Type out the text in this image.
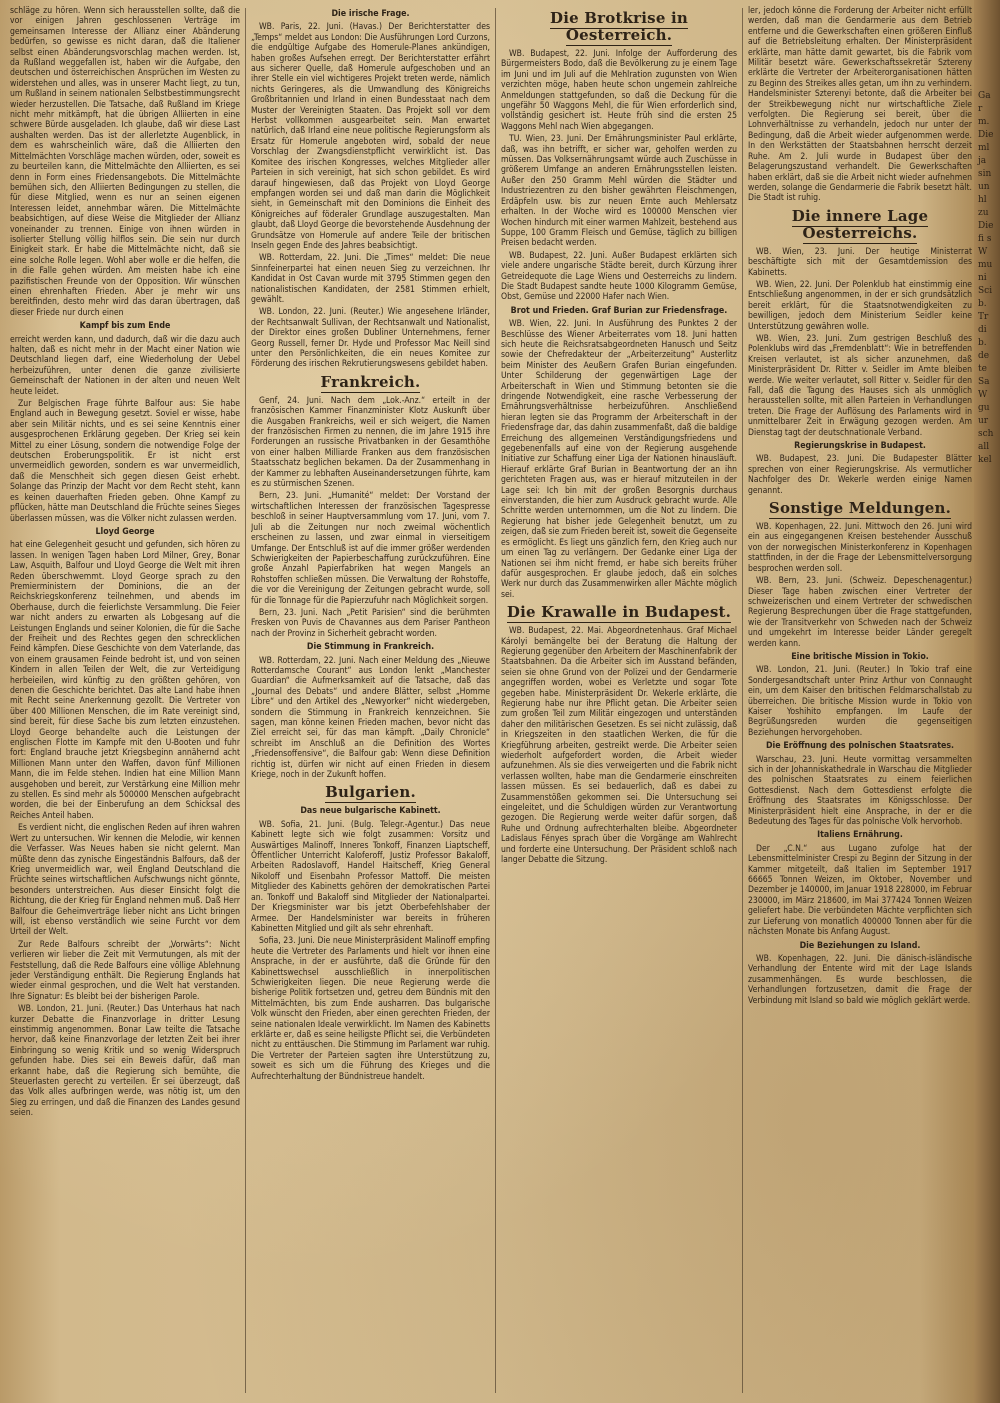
schläge zu hören. Wenn sich herausstellen sollte, daß die vor einigen Jahren geschlossenen Verträge im gemeinsamen Interesse der Allianz einer Abänderung bedürfen, so gewisse es nicht daran, daß die Italiener selbst einen Abänderungsvorschlag machen werden. Ist, da Rußland weggefallen ist, haben wir die Aufgabe, den deutschen und österreichischen Ansprüchen im Westen zu widerstehen und alles, was in unserer Macht liegt, zu tun, um Rußland in seinem nationalen Selbstbestimmungsrecht wieder herzustellen. Die Tatsache, daß Rußland im Kriege nicht mehr mitkämpft, hat die übrigen Alliierten in eine schwere Bürde ausgeladen. Ich glaube, daß wir diese Last aushalten werden. Das ist der allerletzte Augenblick, in dem es wahrscheinlich wäre, daß die Alliierten den Mittelmächten Vorschläge machen würden, oder, soweit es zu beurteilen kann, die Mittelmächte den Alliierten, es sei denn in Form eines Friedensangebots. Die Mittelmächte bemühen sich, den Alliierten Bedingungen zu stellen, die für diese Mitglied, wenn es nur an seinen eigenen Interessen leidet, annehmbar wären. Die Mittelmächte beabsichtigen, auf diese Weise die Mitglieder der Allianz voneinander zu trennen. Einige von ihnen würden in isolierter Stellung völlig hilflos sein. Die sein nur durch Einigkeit stark. Er habe die Mittelmächte nicht, daß sie eine solche Rolle legen. Wohl aber wolle er die helfen, die in die Falle gehen würden. Am meisten habe ich eine pazifistischen Freunde von der Opposition. Wir wünschen einen ehrenhaften Frieden. Aber je mehr wir uns bereitfinden, desto mehr wird das daran übertragen, daß dieser Friede nur durch einen

Kampf bis zum Ende

erreicht werden kann, und dadurch, daß wir die dazu auch halten, daß es nicht mehr in der Macht einer Nation wie Deutschland liegen darf, eine Wiederholung der Uebel herbeizuführen, unter denen die ganze zivilisierte Gemeinschaft der Nationen in der alten und neuen Welt heute leidet.

Zur Belgischen Frage führte Balfour aus: Sie habe England auch in Bewegung gesetzt. Soviel er wisse, habe aber sein Militär nichts, und es sei seine Kenntnis einer ausgesprochenen Erklärung gegeben. Der Krieg sei kein Mittel zu einer Lösung, sondern die notwendige Folge der deutschen Eroberungspolitik. Er ist nicht erst unvermeidlich geworden, sondern es war unvermeidlich, daß die Menschheit sich gegen diesen Geist erhebt. Solange das Prinzip der Macht vor dem Recht steht, kann es keinen dauerhaften Frieden geben. Ohne Kampf zu pflücken, hätte man Deutschland die Früchte seines Sieges überlassen müssen, was die Völker nicht zulassen werden.

Lloyd George

hat eine Gelegenheit gesucht und gefunden, sich hören zu lassen. In wenigen Tagen haben Lord Milner, Grey, Bonar Law, Asquith, Balfour und Lloyd George die Welt mit ihren Reden überschwemmt. Lloyd George sprach zu den Premierministern der Dominions, die an der Reichskriegskonferenz teilnehmen, und abends im Oberhause, durch die feierlichste Versammlung. Die Feier war nicht anders zu erwarten als Lobgesang auf die Leistungen Englands und seiner Kolonien, die für die Sache der Freiheit und des Rechtes gegen den schrecklichen Feind kämpfen. Diese Geschichte von dem Vaterlande, das von einem grausamen Feinde bedroht ist, und von seinen Kindern in allen Teilen der Welt, die zur Verteidigung herbeieilen, wird künftig zu den größten gehören, von denen die Geschichte berichtet. Das alte Land habe ihnen mit Recht seine Anerkennung gezollt. Die Vertreter von über 400 Millionen Menschen, die im Rate vereinigt sind, sind bereit, für diese Sache bis zum letzten einzustehen. Lloyd George behandelte auch die Leistungen der englischen Flotte im Kampfe mit den U-Booten und fuhr fort: England brauche jetzt Kriegsbeginn annähernd acht Millionen Mann unter den Waffen, davon fünf Millionen Mann, die im Felde stehen. Indien hat eine Million Mann ausgehoben und bereit, zur Verstärkung eine Million mehr zu stellen. Es sind mehr als 500000 Menschen aufgebracht worden, die bei der Einberufung an dem Schicksal des Reiches Anteil haben.

Es verdient nicht, die englischen Reden auf ihren wahren Wert zu untersuchen. Wir kennen die Melodie, wir kennen die Verfasser. Was Neues haben sie nicht gelernt. Man müßte denn das zynische Eingeständnis Balfours, daß der Krieg unvermeidlich war, weil England Deutschland die Früchte seines wirtschaftlichen Aufschwungs nicht gönnte, besonders unterstreichen. Aus dieser Einsicht folgt die Richtung, die der Krieg für England nehmen muß. Daß Herr Balfour die Geheimverträge lieber nicht ans Licht bringen will, ist ebenso verständlich wie seine Furcht vor dem Urteil der Welt.

Zur Rede Balfours schreibt der „Vorwärts“: Nicht verlieren wir lieber die Zeit mit Vermutungen, als mit der Feststellung, daß die Rede Balfours eine völlige Ablehnung jeder Verständigung enthält. Die Regierung Englands hat wieder einmal gesprochen, und die Welt hat verstanden. Ihre Signatur: Es bleibt bei der bisherigen Parole.

WB. London, 21. Juni. (Reuter.) Das Unterhaus hat nach kurzer Debatte die Finanzvorlage in dritter Lesung einstimmig angenommen. Bonar Law teilte die Tatsache hervor, daß keine Finanzvorlage der letzten Zeit bei ihrer Einbringung so wenig Kritik und so wenig Widerspruch gefunden habe. Dies sei ein Beweis dafür, daß man erkannt habe, daß die Regierung sich bemühte, die Steuerlasten gerecht zu verteilen. Er sei überzeugt, daß das Volk alles aufbringen werde, was nötig ist, um den Sieg zu erringen, und daß die Finanzen des Landes gesund seien.

Die irische Frage.

WB. Paris, 22. Juni. (Havas.) Der Berichterstatter des „Temps“ meldet aus London: Die Ausführungen Lord Curzons, die endgültige Aufgabe des Homerule-Planes ankündigen, haben großes Aufsehen erregt. Der Berichterstatter erfährt aus sicherer Quelle, daß Homerule aufgeschoben und an ihrer Stelle ein viel wichtigeres Projekt treten werde, nämlich nichts Geringeres, als die Umwandlung des Königreichs Großbritannien und Irland in einen Bundesstaat nach dem Muster der Vereinigten Staaten. Das Projekt soll vor dem Herbst vollkommen ausgearbeitet sein. Man erwartet natürlich, daß Irland eine neue politische Regierungsform als Ersatz für Homerule angeboten wird, sobald der neue Vorschlag der Zwangsdienstpflicht verwirklicht ist. Das Komitee des irischen Kongresses, welches Mitglieder aller Parteien in sich vereinigt, hat sich schon gebildet. Es wird darauf hingewiesen, daß das Projekt von Lloyd George empfangen worden sei und daß man darin die Möglichkeit sieht, in Gemeinschaft mit den Dominions die Einheit des Königreiches auf föderaler Grundlage auszugestalten. Man glaubt, daß Lloyd George die bevorstehende Ausdehnung der Grundsätze von Homerule auf andere Teile der britischen Inseln gegen Ende des Jahres beabsichtigt.

WB. Rotterdam, 22. Juni. Die „Times“ meldet: Die neue Sinnfeinerpartei hat einen neuen Sieg zu verzeichnen. Ihr Kandidat in Ost Cavan wurde mit 3795 Stimmen gegen den nationalistischen Kandidaten, der 2581 Stimmen erhielt, gewählt.

WB. London, 22. Juni. (Reuter.) Wie angesehene Irländer, der Rechtsanwalt Sullivan, der Rechtsanwalt und Nationalist, der Direktor eines großen Dubliner Unternehmens, ferner Georg Russell, ferner Dr. Hyde und Professor Mac Neill sind unter den Persönlichkeiten, die ein neues Komitee zur Förderung des irischen Rekrutierungswesens gebildet haben.

Frankreich.

Genf, 24. Juni. Nach dem „Lok.-Anz.“ erteilt in der französischen Kammer Finanzminister Klotz Auskunft über die Ausgaben Frankreichs, weil er sich weigert, die Namen der französischen Firmen zu nennen, die im Jahre 1915 ihre Forderungen an russische Privatbanken in der Gesamthöhe von einer halben Milliarde Franken aus dem französischen Staatsschatz beglichen bekamen. Da der Zusammenhang in der Kammer zu lebhaften Auseinandersetzungen führte, kam es zu stürmischen Szenen.

Bern, 23. Juni. „Humanité“ meldet: Der Vorstand der wirtschaftlichen Interessen der französischen Tagespresse beschloß in seiner Hauptversammlung vom 17. Juni, vom 7. Juli ab die Zeitungen nur noch zweimal wöchentlich erscheinen zu lassen, und zwar einmal in vierseitigem Umfange. Der Entschluß ist auf die immer größer werdenden Schwierigkeiten der Papierbeschaffung zurückzuführen. Eine große Anzahl Papierfabriken hat wegen Mangels an Rohstoffen schließen müssen. Die Verwaltung der Rohstoffe, die vor die Vereinigung der Zeitungen gebracht wurde, soll für die Tonnage für die Papierzufuhr nach Möglichkeit sorgen.

Bern, 23. Juni. Nach „Petit Parisien“ sind die berühmten Fresken von Puvis de Chavannes aus dem Pariser Pantheon nach der Provinz in Sicherheit gebracht worden.

Die Stimmung in Frankreich.

WB. Rotterdam, 22. Juni. Nach einer Meldung des „Nieuwe Rotterdamsche Courant“ aus London lenkt „Manchester Guardian“ die Aufmerksamkeit auf die Tatsache, daß das „Journal des Debats“ und andere Blätter, selbst „Homme Libre“ und den Artikel des „Newyorker“ nicht wiedergeben, sondern die Stimmung in Frankreich kennzeichnen. Sie sagen, man könne keinen Frieden machen, bevor nicht das Ziel erreicht sei, für das man kämpft. „Daily Chronicle“ schreibt im Anschluß an die Definition des Wortes „Friedensoffensive“, die Balfour gab: Wenn diese Definition richtig ist, dürfen wir nicht auf einen Frieden in diesem Kriege, noch in der Zukunft hoffen.

Bulgarien.
Das neue bulgarische Kabinett.

WB. Sofia, 21. Juni. (Bulg. Telegr.-Agentur.) Das neue Kabinett legte sich wie folgt zusammen: Vorsitz und Auswärtiges Malinoff, Inneres Tonkoff, Finanzen Liaptscheff, Öffentlicher Unterricht Kaloferoff, Justiz Professor Bakaloff, Arbeiten Radoslavoff, Handel Haitscheff, Krieg General Nikoloff und Eisenbahn Professor Mattoff. Die meisten Mitglieder des Kabinetts gehören der demokratischen Partei an. Tonkoff und Bakaloff sind Mitglieder der Nationalpartei. Der Kriegsminister war bis jetzt Oberbefehlshaber der Armee. Der Handelsminister war bereits in früheren Kabinetten Mitglied und gilt als sehr ehrenhaft.

Sofia, 23. Juni. Die neue Ministerpräsident Malinoff empfing heute die Vertreter des Parlaments und hielt vor ihnen eine Ansprache, in der er ausführte, daß die Gründe für den Kabinettswechsel ausschließlich in innerpolitischen Schwierigkeiten liegen. Die neue Regierung werde die bisherige Politik fortsetzen und, getreu dem Bündnis mit den Mittelmächten, bis zum Ende ausharren. Das bulgarische Volk wünscht den Frieden, aber einen gerechten Frieden, der seine nationalen Ideale verwirklicht. Im Namen des Kabinetts erklärte er, daß es seine heiligste Pflicht sei, die Verbündeten nicht zu enttäuschen. Die Stimmung im Parlament war ruhig. Die Vertreter der Parteien sagten ihre Unterstützung zu, soweit es sich um die Führung des Krieges und die Aufrechterhaltung der Bündnistreue handelt.

Die Brotkrise in Oesterreich.

WB. Budapest, 22. Juni. Infolge der Aufforderung des Bürgermeisters Bodo, daß die Bevölkerung zu je einem Tage im Juni und im Juli auf die Mehlration zugunsten von Wien verzichten möge, haben heute schon ungemein zahlreiche Anmeldungen stattgefunden, so daß die Deckung für die ungefähr 50 Waggons Mehl, die für Wien erforderlich sind, vollständig gesichert ist. Heute früh sind die ersten 25 Waggons Mehl nach Wien abgegangen.

TU. Wien, 23. Juni. Der Ernährungsminister Paul erklärte, daß, was ihn betrifft, er sicher war, geholfen werden zu müssen. Das Volksernährungsamt würde auch Zuschüsse in größerem Umfange an anderen Ernährungsstellen leisten. Außer den 250 Gramm Mehl würden die Städter und Industriezentren zu den bisher gewährten Fleischmengen, Erdäpfeln usw. bis zur neuen Ernte auch Mehlersatz erhalten. In der Woche wird es 100000 Menschen vier Wochen hindurch mit einer warmen Mahlzeit, bestehend aus Suppe, 100 Gramm Fleisch und Gemüse, täglich zu billigen Preisen bedacht werden.

WB. Budapest, 22. Juni. Außer Budapest erklärten sich viele andere ungarische Städte bereit, durch Kürzung ihrer Getreidequote die Lage Wiens und Oesterreichs zu lindern. Die Stadt Budapest sandte heute 1000 Kilogramm Gemüse, Obst, Gemüse und 22000 Hafer nach Wien.

Brot und Frieden. Graf Burian zur Friedensfrage.

WB. Wien, 22. Juni. In Ausführung des Punktes 2 der Beschlüsse des Wiener Arbeiterrates vom 18. Juni hatten sich heute die Reichsratsabgeordneten Hanusch und Seitz sowie der Chefredakteur der „Arbeiterzeitung“ Austerlitz beim Minister des Aeußern Grafen Burian eingefunden. Unter Schilderung der gegenwärtigen Lage der Arbeiterschaft in Wien und Stimmung betonten sie die dringende Notwendigkeit, eine rasche Verbesserung der Ernährungsverhältnisse herbeizuführen. Anschließend hieran legten sie das Programm der Arbeiterschaft in der Friedensfrage dar, das dahin zusammenfaßt, daß die baldige Erreichung des allgemeinen Verständigungsfriedens und gegebenenfalls auf eine von der Regierung ausgehende Initiative zur Schaffung einer Liga der Nationen hinausläuft. Hierauf erklärte Graf Burian in Beantwortung der an ihn gerichteten Fragen aus, was er hierauf mitzuteilen in der Lage sei: Ich bin mit der großen Besorgnis durchaus einverstanden, die hier zum Ausdruck gebracht wurde. Alle Schritte werden unternommen, um die Not zu lindern. Die Regierung hat bisher jede Gelegenheit benutzt, um zu zeigen, daß sie zum Frieden bereit ist, soweit die Gegenseite es ermöglicht. Es liegt uns gänzlich fern, den Krieg auch nur um einen Tag zu verlängern. Der Gedanke einer Liga der Nationen sei ihm nicht fremd, er habe sich bereits früher dafür ausgesprochen. Er glaube jedoch, daß ein solches Werk nur durch das Zusammenwirken aller Mächte möglich sei.

Die Krawalle in Budapest.

WB. Budapest, 22. Mai. Abgeordnetenhaus. Graf Michael Károlyi bemängelte bei der Beratung die Haltung der Regierung gegenüber den Arbeitern der Maschinenfabrik der Staatsbahnen. Da die Arbeiter sich im Ausstand befänden, seien sie ohne Grund von der Polizei und der Gendarmerie angegriffen worden, wobei es Verletzte und sogar Tote gegeben habe. Ministerpräsident Dr. Wekerle erklärte, die Regierung habe nur ihre Pflicht getan. Die Arbeiter seien zum großen Teil zum Militär eingezogen und unterständen daher den militärischen Gesetzen. Es sei nicht zulässig, daß in Kriegszeiten in den staatlichen Werken, die für die Kriegführung arbeiten, gestreikt werde. Die Arbeiter seien wiederholt aufgefordert worden, die Arbeit wieder aufzunehmen. Als sie dies verweigerten und die Fabrik nicht verlassen wollten, habe man die Gendarmerie einschreiten lassen müssen. Es sei bedauerlich, daß es dabei zu Zusammenstößen gekommen sei. Die Untersuchung sei eingeleitet, und die Schuldigen würden zur Verantwortung gezogen. Die Regierung werde weiter dafür sorgen, daß Ruhe und Ordnung aufrechterhalten bleibe. Abgeordneter Ladislaus Fényes sprach über die Vorgänge am Wahlrecht und forderte eine Untersuchung. Der Präsident schloß nach langer Debatte die Sitzung.

ler, jedoch könne die Forderung der Arbeiter nicht erfüllt werden, daß man die Gendarmerie aus dem Betrieb entferne und die Gewerkschaften einen größeren Einfluß auf die Betriebsleitung erhalten. Der Ministerpräsident erklärte, man hätte damit gewartet, bis die Fabrik vom Militär besetzt wäre. Gewerkschaftssekretär Sztereny erklärte die Vertreter der Arbeiterorganisationen hätten zu Beginn des Streikes alles getan, um ihn zu verhindern. Handelsminister Szterenyi betonte, daß die Arbeiter bei der Streikbewegung nicht nur wirtschaftliche Ziele verfolgten. Die Regierung sei bereit, über die Lohnverhältnisse zu verhandeln, jedoch nur unter der Bedingung, daß die Arbeit wieder aufgenommen werde. In den Werkstätten der Staatsbahnen herrscht derzeit Ruhe. Am 2. Juli wurde in Budapest über den Belagerungszustand verhandelt. Die Gewerkschaften haben erklärt, daß sie die Arbeit nicht wieder aufnehmen werden, solange die Gendarmerie die Fabrik besetzt hält. Die Stadt ist ruhig.

Die innere Lage Oesterreichs.

WB. Wien, 23. Juni. Der heutige Ministerrat beschäftigte sich mit der Gesamtdemission des Kabinetts.

WB. Wien, 22. Juni. Der Polenklub hat einstimmig eine Entschließung angenommen, in der er sich grundsätzlich bereit erklärt, für die Staatsnotwendigkeiten zu bewilligen, jedoch dem Ministerium Seidler keine Unterstützung gewähren wolle.

WB. Wien, 23. Juni. Zum gestrigen Beschluß des Polenklubs wird das „Fremdenblatt“: Wie in betreffenden Kreisen verlautet, ist als sicher anzunehmen, daß Ministerpräsident Dr. Ritter v. Seidler im Amte bleiben werde. Wie weiter verlautet, soll Ritter v. Seidler für den Fall, daß die Tagung des Hauses sich als unmöglich herausstellen sollte, mit allen Parteien in Verhandlungen treten. Die Frage der Auflösung des Parlaments wird in unmittelbarer Zeit in Erwägung gezogen werden. Am Dienstag tagt der deutschnationale Verband.

Regierungskrise in Budapest.

WB. Budapest, 23. Juni. Die Budapester Blätter sprechen von einer Regierungskrise. Als vermutlicher Nachfolger des Dr. Wekerle werden einige Namen genannt.

Sonstige Meldungen.

WB. Kopenhagen, 22. Juni. Mittwoch den 26. Juni wird ein aus eingegangenen Kreisen bestehender Ausschuß von der norwegischen Ministerkonferenz in Kopenhagen stattfinden, in der die Frage der Lebensmittelversorgung besprochen werden soll.

WB. Bern, 23. Juni. (Schweiz. Depeschenagentur.) Dieser Tage haben zwischen einer Vertreter der schweizerischen und einem Vertreter der schwedischen Regierung Besprechungen über die Frage stattgefunden, wie der Transitverkehr von Schweden nach der Schweiz und umgekehrt im Interesse beider Länder geregelt werden kann.

Eine britische Mission in Tokio.

WB. London, 21. Juni. (Reuter.) In Tokio traf eine Sondergesandtschaft unter Prinz Arthur von Connaught ein, um dem Kaiser den britischen Feldmarschallstab zu überreichen. Die britische Mission wurde in Tokio von Kaiser Yoshihito empfangen. Im Laufe der Begrüßungsreden wurden die gegenseitigen Beziehungen hervorgehoben.

Die Eröffnung des polnischen Staatsrates.

Warschau, 23. Juni. Heute vormittag versammelten sich in der Johanniskathedrale in Warschau die Mitglieder des polnischen Staatsrates zu einem feierlichen Gottesdienst. Nach dem Gottesdienst erfolgte die Eröffnung des Staatsrates im Königsschlosse. Der Ministerpräsident hielt eine Ansprache, in der er die Bedeutung des Tages für das polnische Volk hervorhob.

Italiens Ernährung.

Der „C.N.“ aus Lugano zufolge hat der Lebensmittelminister Crespi zu Beginn der Sitzung in der Kammer mitgeteilt, daß Italien im September 1917 66665 Tonnen Weizen, im Oktober, November und Dezember je 140000, im Januar 1918 228000, im Februar 230000, im März 218600, im Mai 377424 Tonnen Weizen geliefert habe. Die verbündeten Mächte verpflichten sich zur Lieferung von monatlich 400000 Tonnen aber für die nächsten Monate bis Anfang August.

Die Beziehungen zu Island.

WB. Kopenhagen, 22. Juni. Die dänisch-isländische Verhandlung der Entente wird mit der Lage Islands zusammenhängen. Es wurde beschlossen, die Verhandlungen fortzusetzen, damit die Frage der Verbindung mit Island so bald wie möglich geklärt werde.

Gar m. Die ml ja sin un hl zu Die fi s W mu ni Sci b. Tr di b. de te Sa W gu ur sch all kel
